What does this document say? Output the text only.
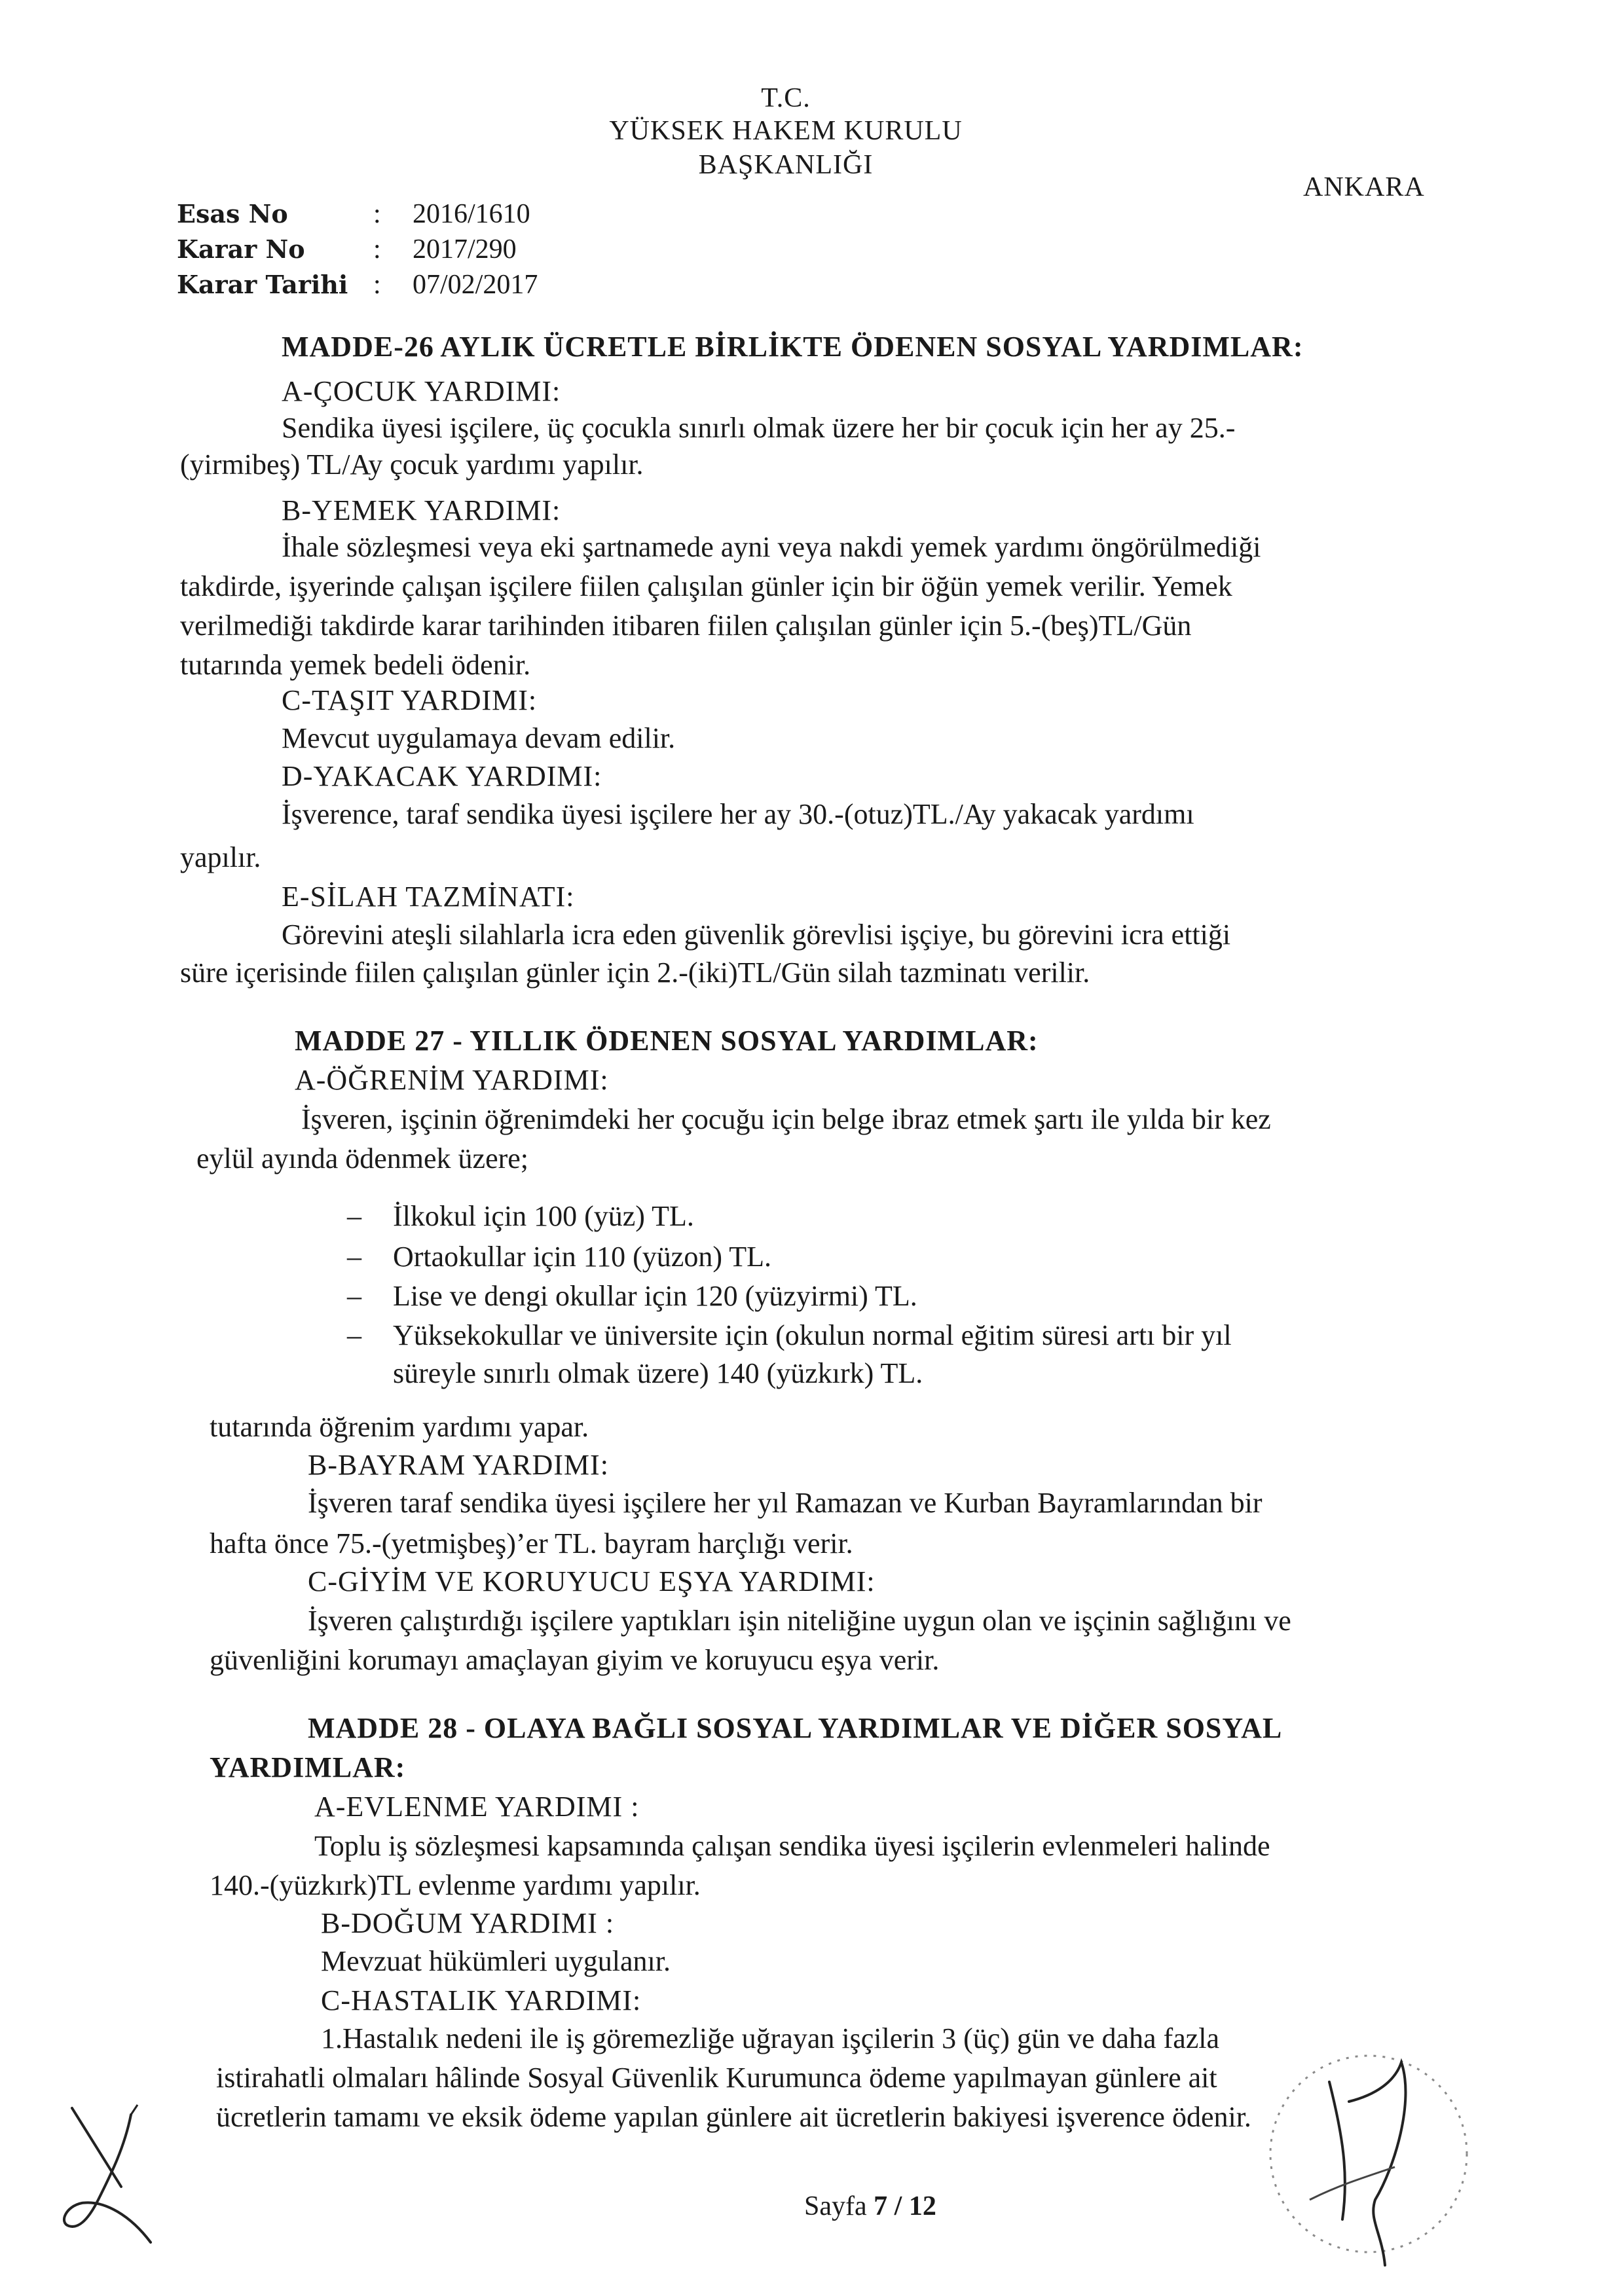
T.C.
YÜKSEK HAKEM KURULU
BAŞKANLIĞI
ANKARA
Esas No	:	2016/1610
Karar No	:	2017/290
Karar Tarihi :	07/02/2017
MADDE-26 AYLIK ÜCRETLE BİRLİKTE ÖDENEN SOSYAL YARDIMLAR:
A-ÇOCUK YARDIMI:
Sendika üyesi işçilere, üç çocukla sınırlı olmak üzere her bir çocuk için her ay 25.-
(yirmibeş) TL/Ay çocuk yardımı yapılır.
B-YEMEK YARDIMI:
İhale sözleşmesi veya eki şartnamede ayni veya nakdi yemek yardımı öngörülmediği
takdirde, işyerinde çalışan işçilere fiilen çalışılan günler için bir öğün yemek verilir. Yemek
verilmediği takdirde karar tarihinden itibaren fiilen çalışılan günler için 5.-(beş)TL/Gün
tutarında yemek bedeli ödenir.
C-TAŞIT YARDIMI:
Mevcut uygulamaya devam edilir.
D-YAKACAK YARDIMI:
İşverence, taraf sendika üyesi işçilere her ay 30.-(otuz)TL./Ay yakacak yardımı
yapılır.
E-SİLAH TAZMİNATI:
Görevini ateşli silahlarla icra eden güvenlik görevlisi işçiye, bu görevini icra ettiği
süre içerisinde fiilen çalışılan günler için 2.-(iki)TL/Gün silah tazminatı verilir.
MADDE 27 - YILLIK ÖDENEN SOSYAL YARDIMLAR:
A-ÖĞRENİM YARDIMI:
İşveren, işçinin öğrenimdeki her çocuğu için belge ibraz etmek şartı ile yılda bir kez
eylül ayında ödenmek üzere;
– İlkokul için 100 (yüz) TL.
– Ortaokullar için 110 (yüzon) TL.
– Lise ve dengi okullar için 120 (yüzyirmi) TL.
– Yüksekokullar ve üniversite için (okulun normal eğitim süresi artı bir yıl
süreyle sınırlı olmak üzere) 140 (yüzkırk) TL.
tutarında öğrenim yardımı yapar.
B-BAYRAM YARDIMI:
İşveren taraf sendika üyesi işçilere her yıl Ramazan ve Kurban Bayramlarından bir
hafta önce 75.-(yetmişbeş)’er TL. bayram harçlığı verir.
C-GİYİM VE KORUYUCU EŞYA YARDIMI:
İşveren çalıştırdığı işçilere yaptıkları işin niteliğine uygun olan ve işçinin sağlığını ve
güvenliğini korumayı amaçlayan giyim ve koruyucu eşya verir.
MADDE 28 - OLAYA BAĞLI SOSYAL YARDIMLAR VE DİĞER SOSYAL
YARDIMLAR:
A-EVLENME YARDIMI :
Toplu iş sözleşmesi kapsamında çalışan sendika üyesi işçilerin evlenmeleri halinde
140.-(yüzkırk)TL evlenme yardımı yapılır.
B-DOĞUM YARDIMI :
Mevzuat hükümleri uygulanır.
C-HASTALIK YARDIMI:
1.Hastalık nedeni ile iş göremezliğe uğrayan işçilerin 3 (üç) gün ve daha fazla
istirahatli olmaları hâlinde Sosyal Güvenlik Kurumunca ödeme yapılmayan günlere ait
ücretlerin tamamı ve eksik ödeme yapılan günlere ait ücretlerin bakiyesi işverence ödenir.
Sayfa 7 / 12
